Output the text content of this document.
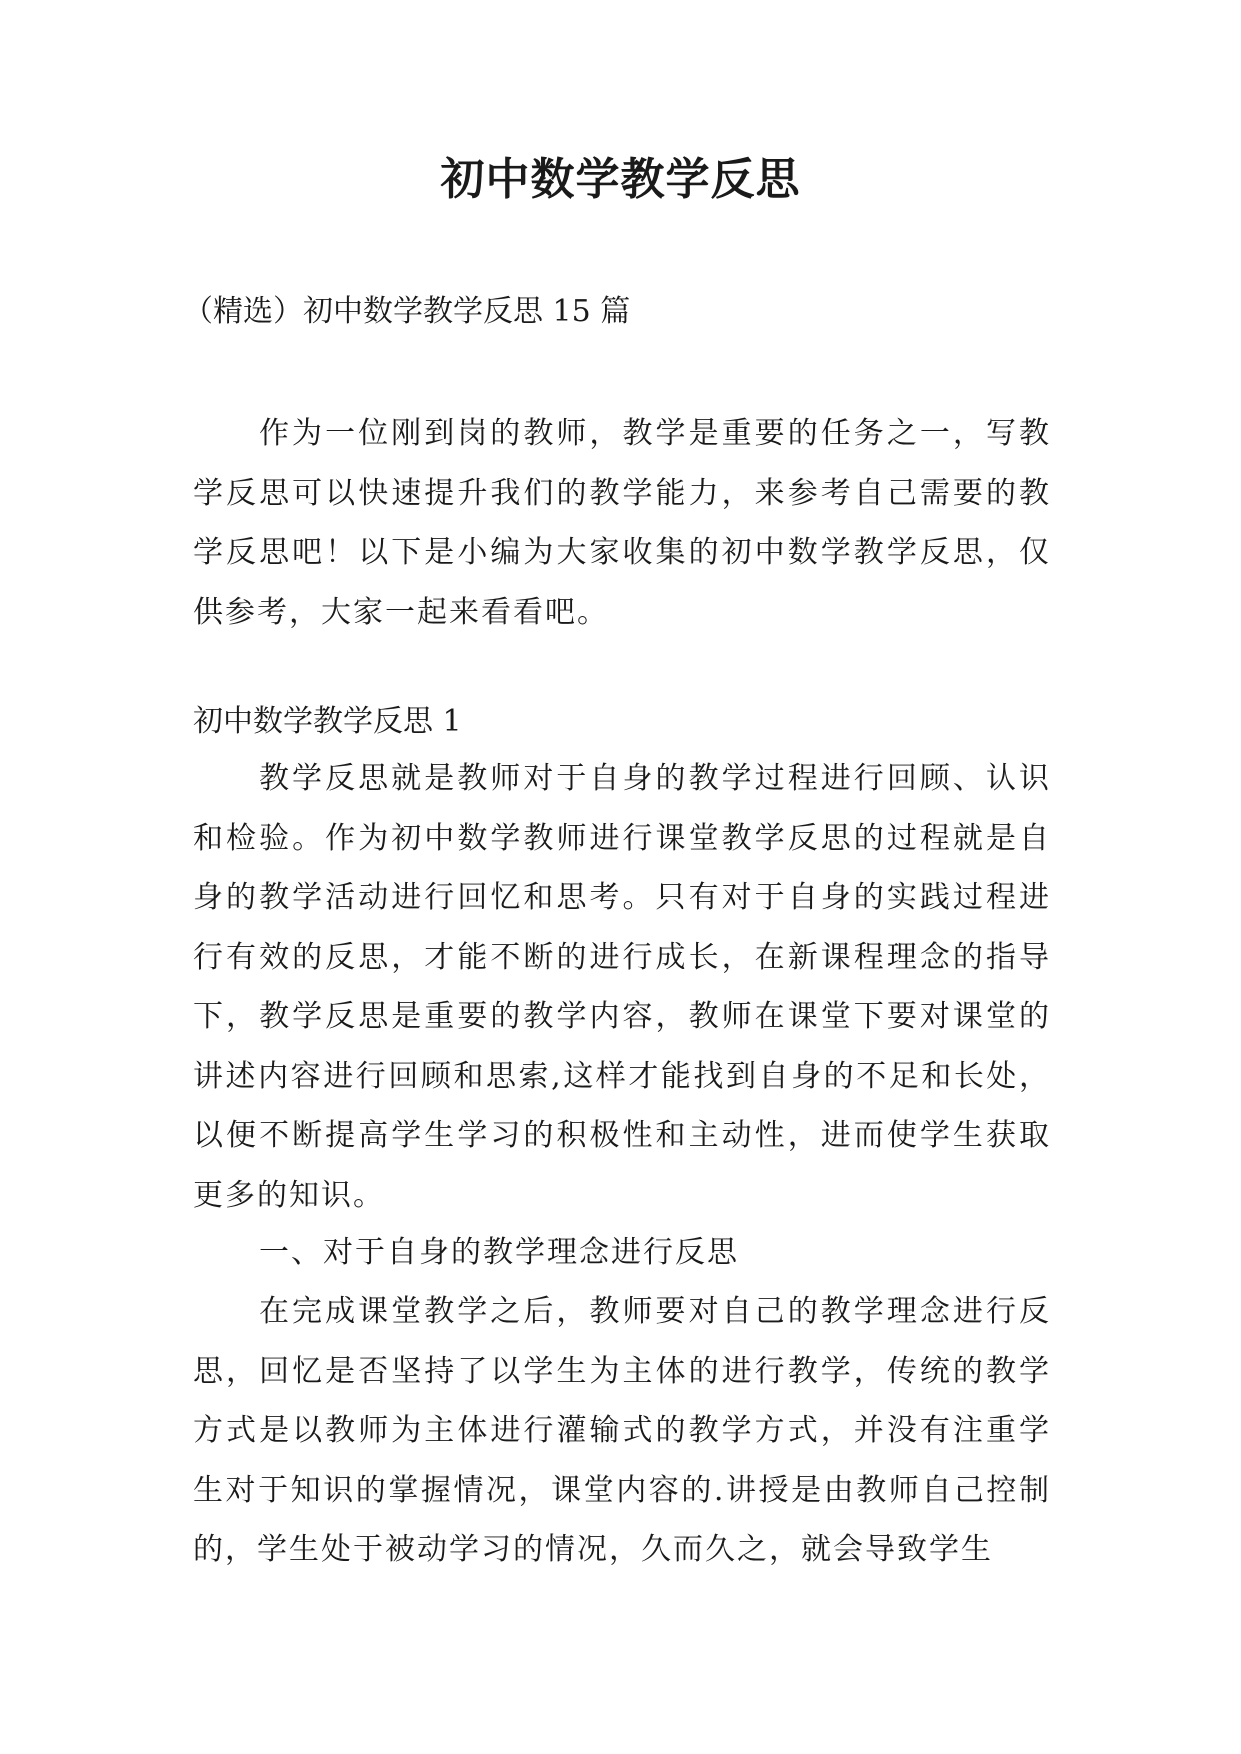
初中数学教学反思

（精选）初中数学教学反思 15 篇

作为一位刚到岗的教师，教学是重要的任务之一，写教学反思可以快速提升我们的教学能力，来参考自己需要的教学反思吧！以下是小编为大家收集的初中数学教学反思，仅供参考，大家一起来看看吧。

初中数学教学反思 1

教学反思就是教师对于自身的教学过程进行回顾、认识和检验。作为初中数学教师进行课堂教学反思的过程就是自身的教学活动进行回忆和思考。只有对于自身的实践过程进行有效的反思，才能不断的进行成长，在新课程理念的指导下，教学反思是重要的教学内容，教师在课堂下要对课堂的讲述内容进行回顾和思索,这样才能找到自身的不足和长处，以便不断提高学生学习的积极性和主动性，进而使学生获取更多的知识。

一、对于自身的教学理念进行反思

在完成课堂教学之后，教师要对自己的教学理念进行反思，回忆是否坚持了以学生为主体的进行教学，传统的教学方式是以教师为主体进行灌输式的教学方式，并没有注重学生对于知识的掌握情况，课堂内容的.讲授是由教师自己控制的，学生处于被动学习的情况，久而久之，就会导致学生
